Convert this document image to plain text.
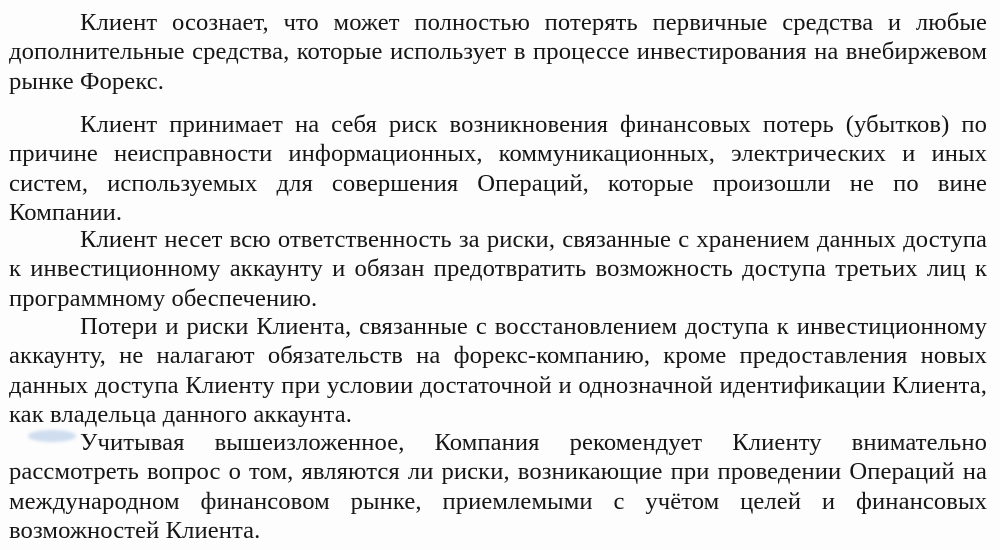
Клиент осознает, что может полностью потерять первичные средства и любые дополнительные средства, которые использует в процессе инвестирования на внебиржевом рынке Форекс.

Клиент принимает на себя риск возникновения финансовых потерь (убытков) по причине неисправности информационных, коммуникационных, электрических и иных систем, используемых для совершения Операций, которые произошли не по вине Компании.

Клиент несет всю ответственность за риски, связанные с хранением данных доступа к инвестиционному аккаунту и обязан предотвратить возможность доступа третьих лиц к программному обеспечению.

Потери и риски Клиента, связанные с восстановлением доступа к инвестиционному аккаунту, не налагают обязательств на форекс-компанию, кроме предоставления новых данных доступа Клиенту при условии достаточной и однозначной идентификации Клиента, как владельца данного аккаунта.

Учитывая вышеизложенное, Компания рекомендует Клиенту внимательно рассмотреть вопрос о том, являются ли риски, возникающие при проведении Операций на международном финансовом рынке, приемлемыми с учётом целей и финансовых возможностей Клиента.
